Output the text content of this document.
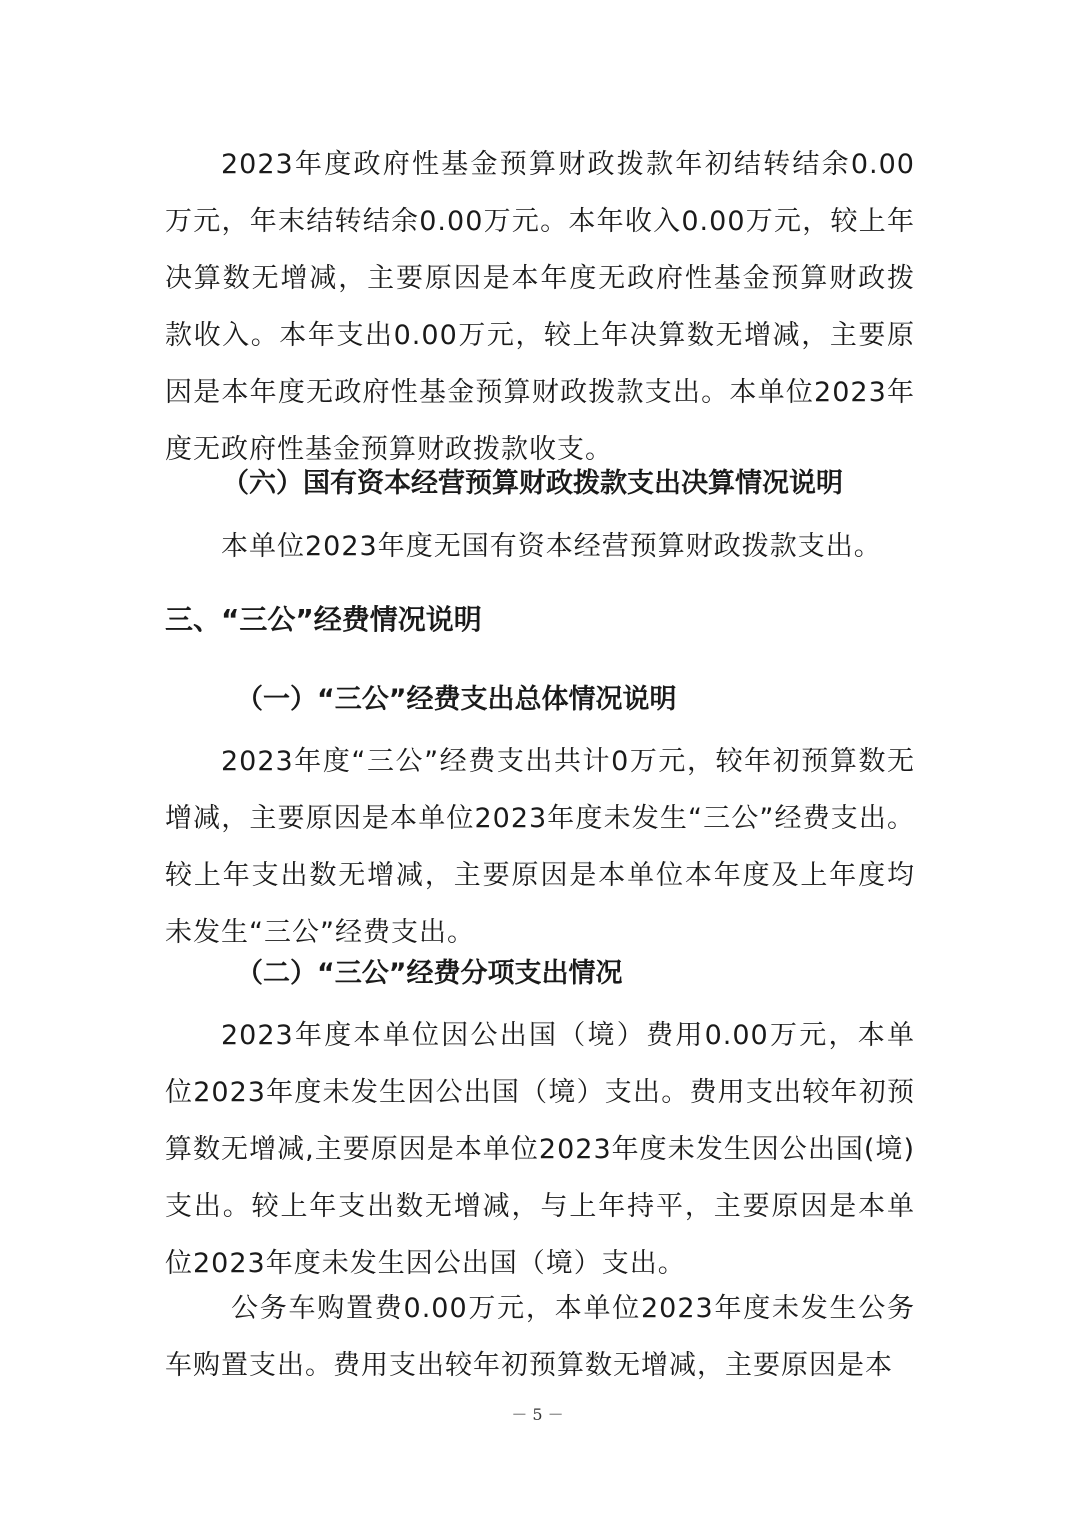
2023年度政府性基金预算财政拨款年初结转结余0.00万元，年末结转结余0.00万元。本年收入0.00万元，较上年决算数无增减，主要原因是本年度无政府性基金预算财政拨款收入。本年支出0.00万元，较上年决算数无增减，主要原因是本年度无政府性基金预算财政拨款支出。本单位2023年度无政府性基金预算财政拨款收支。

（六）国有资本经营预算财政拨款支出决算情况说明

本单位2023年度无国有资本经营预算财政拨款支出。

三、“三公”经费情况说明

（一）“三公”经费支出总体情况说明

2023年度“三公”经费支出共计0万元，较年初预算数无增减，主要原因是本单位2023年度未发生“三公”经费支出。较上年支出数无增减，主要原因是本单位本年度及上年度均未发生“三公”经费支出。

（二）“三公”经费分项支出情况

2023年度本单位因公出国（境）费用0.00万元，本单位2023年度未发生因公出国（境）支出。费用支出较年初预算数无增减,主要原因是本单位2023年度未发生因公出国(境)支出。较上年支出数无增减，与上年持平，主要原因是本单位2023年度未发生因公出国（境）支出。

公务车购置费0.00万元，本单位2023年度未发生公务车购置支出。费用支出较年初预算数无增减，主要原因是本

－ 5 －
